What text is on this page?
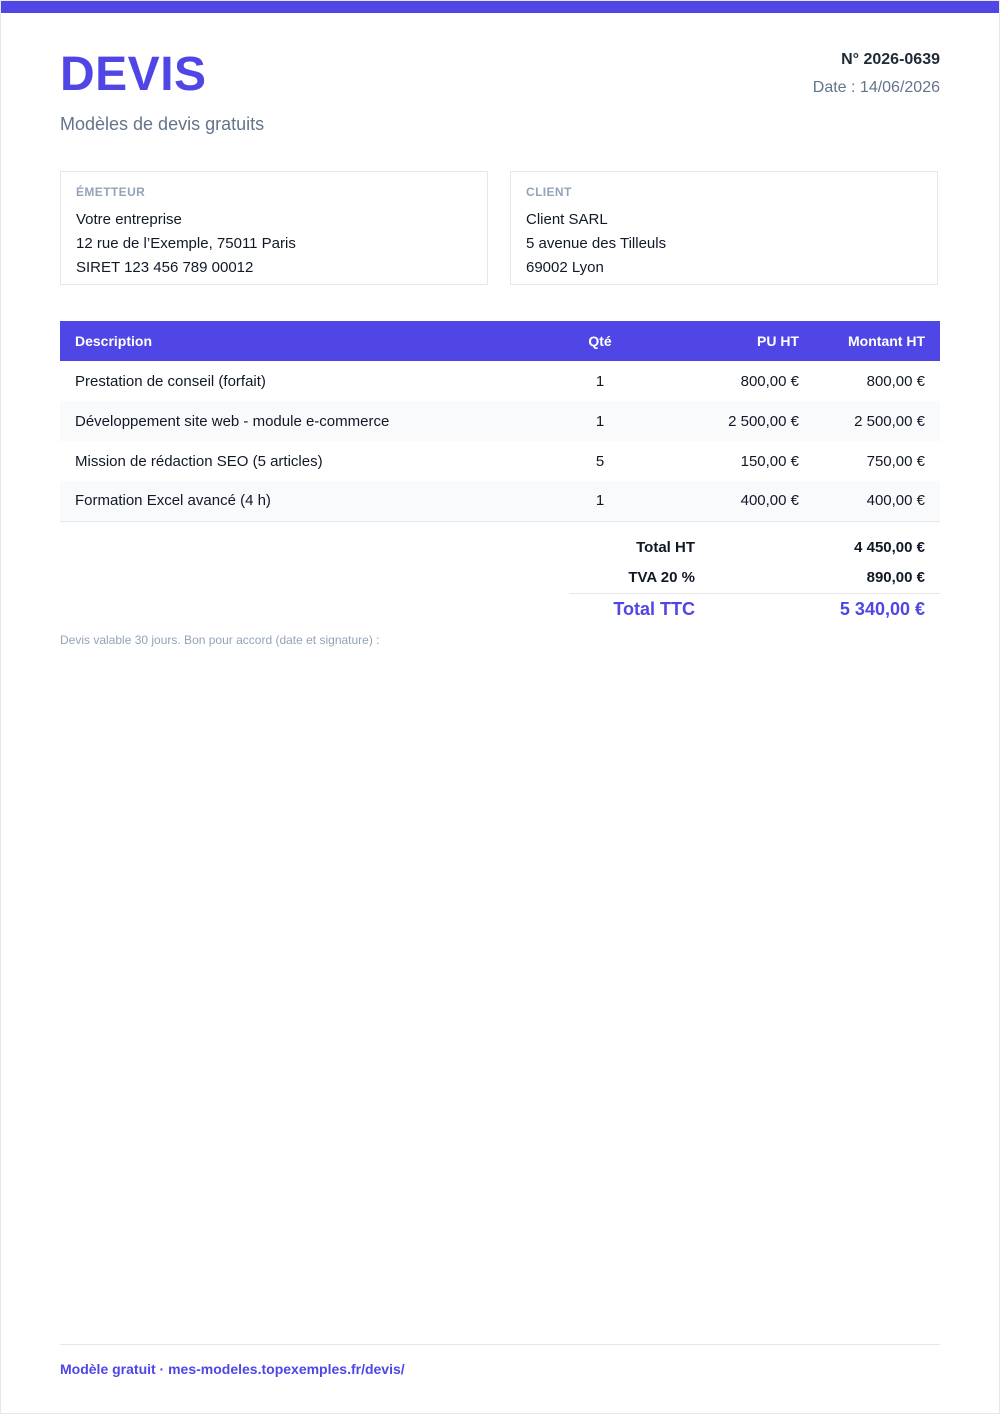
DEVIS
Modèles de devis gratuits
N° 2026-0639
Date : 14/06/2026
ÉMETTEUR
Votre entreprise
12 rue de l’Exemple, 75011 Paris
SIRET 123 456 789 00012
CLIENT
Client SARL
5 avenue des Tilleuls
69002 Lyon
Description	Qté	PU HT	Montant HT
Prestation de conseil (forfait)	1	800,00 €	800,00 €
Développement site web - module e-commerce	1	2 500,00 €	2 500,00 €
Mission de rédaction SEO (5 articles)	5	150,00 €	750,00 €
Formation Excel avancé (4 h)	1	400,00 €	400,00 €
Total HT	4 450,00 €
TVA 20 %	890,00 €
Total TTC	5 340,00 €
Devis valable 30 jours. Bon pour accord (date et signature) :
Modèle gratuit · mes-modeles.topexemples.fr/devis/
